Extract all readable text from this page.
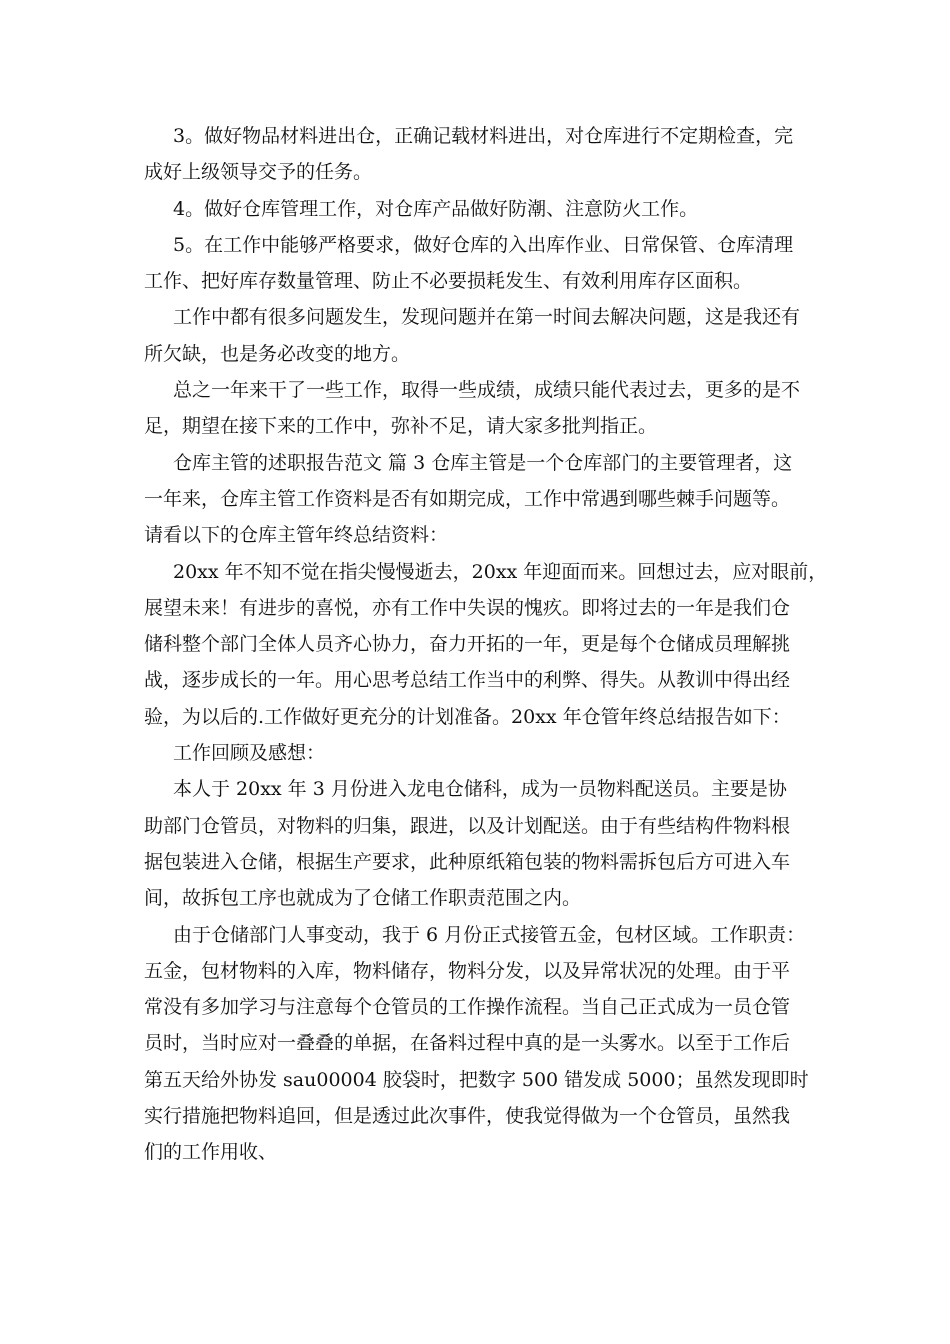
3。做好物品材料进出仓，正确记载材料进出，对仓库进行不定期检查，完
成好上级领导交予的任务。
4。做好仓库管理工作，对仓库产品做好防潮、注意防火工作。
5。在工作中能够严格要求，做好仓库的入出库作业、日常保管、仓库清理
工作、把好库存数量管理、防止不必要损耗发生、有效利用库存区面积。
工作中都有很多问题发生，发现问题并在第一时间去解决问题，这是我还有
所欠缺，也是务必改变的地方。
总之一年来干了一些工作，取得一些成绩，成绩只能代表过去，更多的是不
足，期望在接下来的工作中，弥补不足，请大家多批判指正。
仓库主管的述职报告范文 篇 3 仓库主管是一个仓库部门的主要管理者，这
一年来，仓库主管工作资料是否有如期完成，工作中常遇到哪些棘手问题等。
请看以下的仓库主管年终总结资料：
20xx 年不知不觉在指尖慢慢逝去，20xx 年迎面而来。回想过去，应对眼前，
展望未来！有进步的喜悦，亦有工作中失误的愧疚。即将过去的一年是我们仓
储科整个部门全体人员齐心协力，奋力开拓的一年，更是每个仓储成员理解挑
战，逐步成长的一年。用心思考总结工作当中的利弊、得失。从教训中得出经
验，为以后的.工作做好更充分的计划准备。20xx 年仓管年终总结报告如下：
工作回顾及感想：
本人于 20xx 年 3 月份进入龙电仓储科，成为一员物料配送员。主要是协
助部门仓管员，对物料的归集，跟进，以及计划配送。由于有些结构件物料根
据包装进入仓储，根据生产要求，此种原纸箱包装的物料需拆包后方可进入车
间，故拆包工序也就成为了仓储工作职责范围之内。
由于仓储部门人事变动，我于 6 月份正式接管五金，包材区域。工作职责：
五金，包材物料的入库，物料储存，物料分发，以及异常状况的处理。由于平
常没有多加学习与注意每个仓管员的工作操作流程。当自己正式成为一员仓管
员时，当时应对一叠叠的单据，在备料过程中真的是一头雾水。以至于工作后
第五天给外协发 sau00004 胶袋时，把数字 500 错发成 5000；虽然发现即时
实行措施把物料追回，但是透过此次事件，使我觉得做为一个仓管员，虽然我
们的工作用收、
